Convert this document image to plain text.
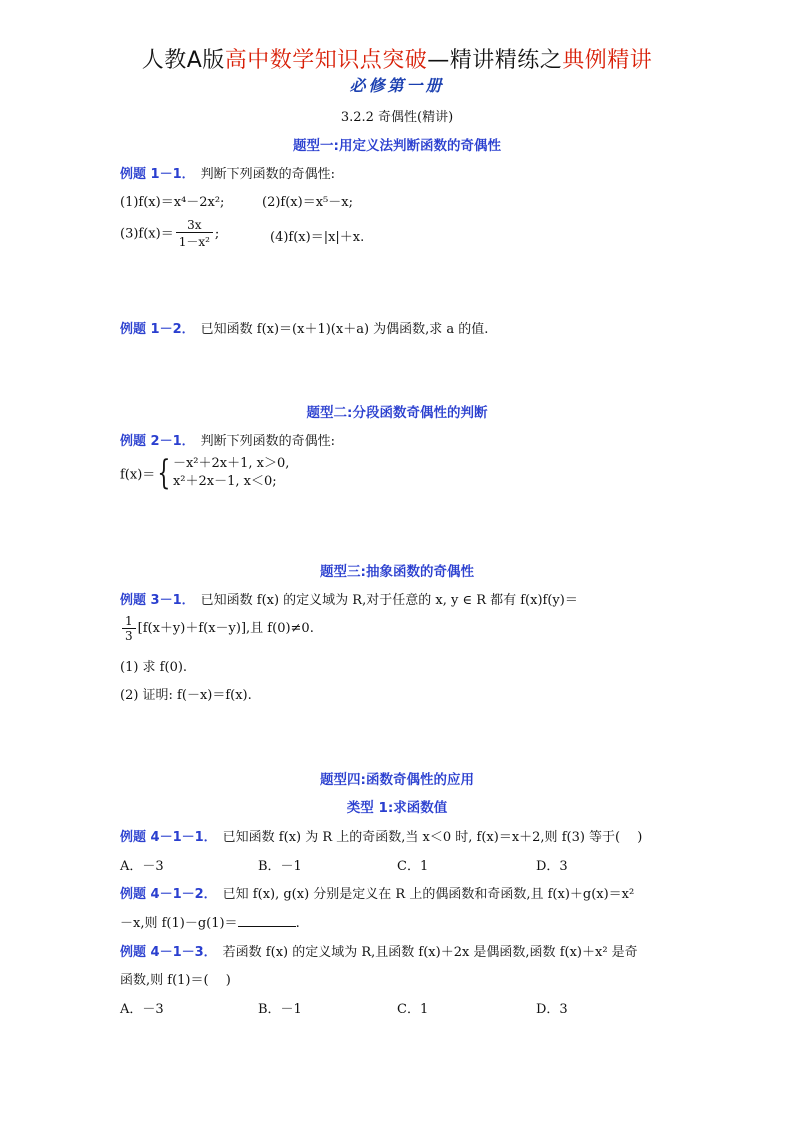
人教A版高中数学知识点突破—精讲精练之典例精讲
必修第一册
3.2.2 奇偶性(精讲)
题型一:用定义法判断函数的奇偶性
例题 1－1． 判断下列函数的奇偶性:
(1)f(x)＝x⁴－2x²;	(2)f(x)＝x⁵－x;
$(3)f(x)= \frac{3x}{\text{1－x²}}$ ;	(4)f(x)＝|x|＋x.
例题 1－2． 已知函数 f(x)＝(x＋1)(x＋a) 为偶函数,求 a 的值.
题型二:分段函数奇偶性的判断
例题 2－1． 判断下列函数的奇偶性:
f(x)＝{ －x²＋2x＋1, x＞0,
x²＋2x－1, x＜0;
题型三:抽象函数的奇偶性
例题 3－1． 已知函数 f(x) 的定义域为 R,对于任意的 x, y ∈ R 都有 f(x)f(y)＝
$\frac{1}{3} [f(x+y)+f(x-y)]$,且 f(0)≠0.
(1) 求 f(0).
(2) 证明: f(－x)＝f(x).
题型四:函数奇偶性的应用
类型 1:求函数值
例题 4－1－1． 已知函数 f(x) 为 R 上的奇函数,当 x＜0 时, f(x)＝x＋2,则 f(3) 等于(　 )
A．－3	B．－1	C．1	D．3
例题 4－1－2． 已知 f(x), g(x) 分别是定义在 R 上的偶函数和奇函数,且 f(x)＋g(x)＝x²
－x,则 f(1)－g(1)＝	.
例题 4－1－3． 若函数 f(x) 的定义域为 R,且函数 f(x)＋2x 是偶函数,函数 f(x)＋x² 是奇
函数,则 f(1)＝(　 )
A．－3	B．－1	C．1	D．3
